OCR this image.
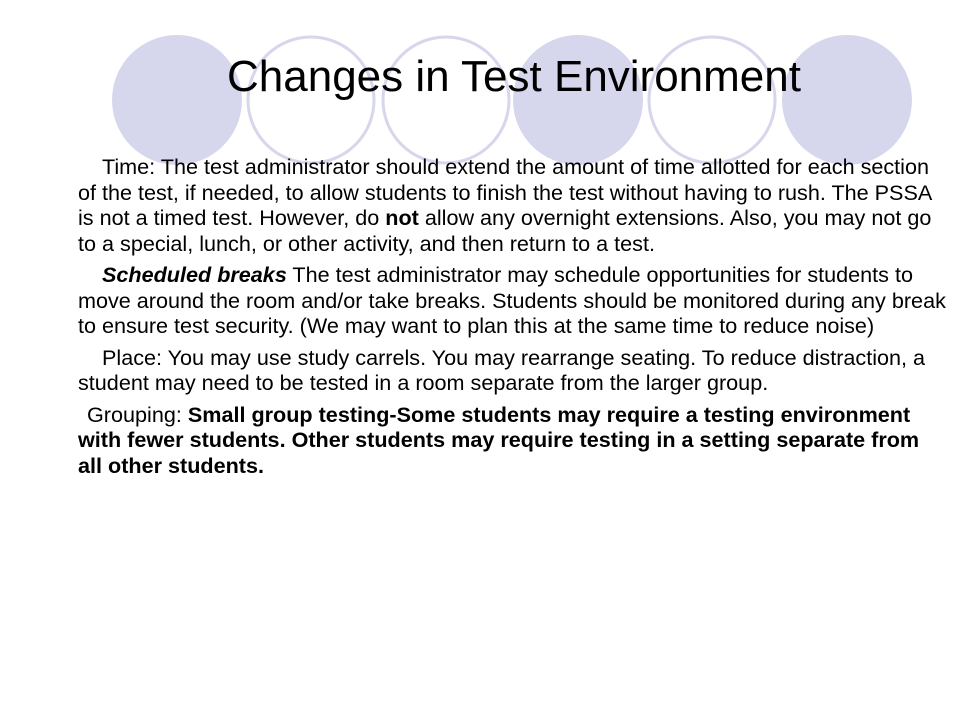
Changes in Test Environment

Time: The test administrator should extend the amount of time allotted for each section of the test, if needed, to allow students to finish the test without having to rush. The PSSA is not a timed test. However, do not allow any overnight extensions. Also, you may not go to a special, lunch, or other activity, and then return to a test.

Scheduled breaks The test administrator may schedule opportunities for students to move around the room and/or take breaks. Students should be monitored during any break to ensure test security. (We may want to plan this at the same time to reduce noise)

Place: You may use study carrels. You may rearrange seating. To reduce distraction, a student may need to be tested in a room separate from the larger group.

Grouping: Small group testing-Some students may require a testing environment with fewer students. Other students may require testing in a setting separate from all other students.
